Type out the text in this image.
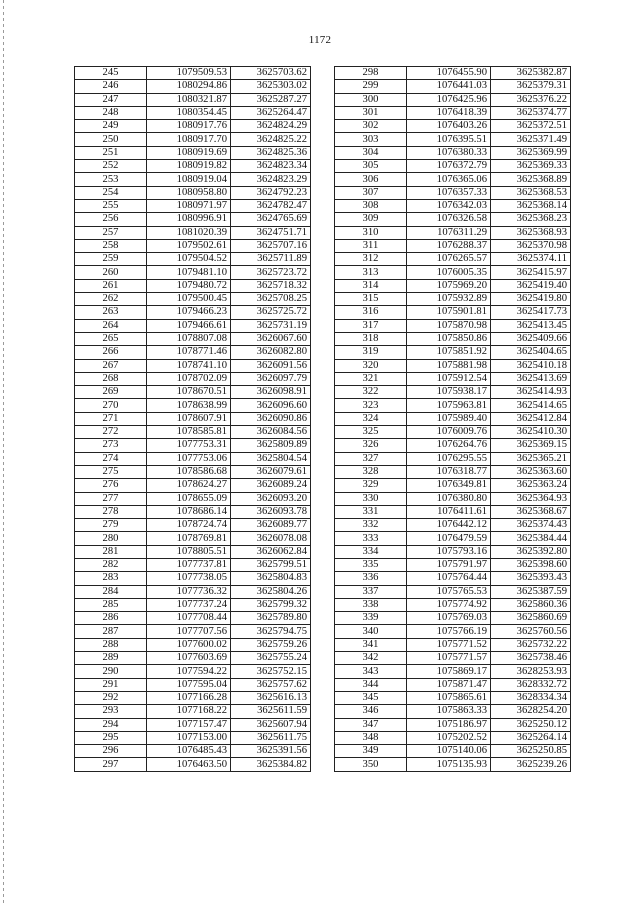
1172
245	1079509.53	3625703.62
246	1080294.86	3625303.02
247	1080321.87	3625287.27
248	1080354.45	3625264.47
249	1080917.76	3624824.29
250	1080917.70	3624825.22
251	1080919.69	3624825.36
252	1080919.82	3624823.34
253	1080919.04	3624823.29
254	1080958.80	3624792.23
255	1080971.97	3624782.47
256	1080996.91	3624765.69
257	1081020.39	3624751.71
258	1079502.61	3625707.16
259	1079504.52	3625711.89
260	1079481.10	3625723.72
261	1079480.72	3625718.32
262	1079500.45	3625708.25
263	1079466.23	3625725.72
264	1079466.61	3625731.19
265	1078807.08	3626067.60
266	1078771.46	3626082.80
267	1078741.10	3626091.56
268	1078702.09	3626097.79
269	1078670.51	3626098.91
270	1078638.99	3626096.60
271	1078607.91	3626090.86
272	1078585.81	3626084.56
273	1077753.31	3625809.89
274	1077753.06	3625804.54
275	1078586.68	3626079.61
276	1078624.27	3626089.24
277	1078655.09	3626093.20
278	1078686.14	3626093.78
279	1078724.74	3626089.77
280	1078769.81	3626078.08
281	1078805.51	3626062.84
282	1077737.81	3625799.51
283	1077738.05	3625804.83
284	1077736.32	3625804.26
285	1077737.24	3625799.32
286	1077708.44	3625789.80
287	1077707.56	3625794.75
288	1077600.02	3625759.26
289	1077603.69	3625755.24
290	1077594.22	3625752.15
291	1077595.04	3625757.62
292	1077166.28	3625616.13
293	1077168.22	3625611.59
294	1077157.47	3625607.94
295	1077153.00	3625611.75
296	1076485.43	3625391.56
297	1076463.50	3625384.82
298	1076455.90	3625382.87
299	1076441.03	3625379.31
300	1076425.96	3625376.22
301	1076418.39	3625374.77
302	1076403.26	3625372.51
303	1076395.51	3625371.49
304	1076380.33	3625369.99
305	1076372.79	3625369.33
306	1076365.06	3625368.89
307	1076357.33	3625368.53
308	1076342.03	3625368.14
309	1076326.58	3625368.23
310	1076311.29	3625368.93
311	1076288.37	3625370.98
312	1076265.57	3625374.11
313	1076005.35	3625415.97
314	1075969.20	3625419.40
315	1075932.89	3625419.80
316	1075901.81	3625417.73
317	1075870.98	3625413.45
318	1075850.86	3625409.66
319	1075851.92	3625404.65
320	1075881.98	3625410.18
321	1075912.54	3625413.69
322	1075938.17	3625414.93
323	1075963.81	3625414.65
324	1075989.40	3625412.84
325	1076009.76	3625410.30
326	1076264.76	3625369.15
327	1076295.55	3625365.21
328	1076318.77	3625363.60
329	1076349.81	3625363.24
330	1076380.80	3625364.93
331	1076411.61	3625368.67
332	1076442.12	3625374.43
333	1076479.59	3625384.44
334	1075793.16	3625392.80
335	1075791.97	3625398.60
336	1075764.44	3625393.43
337	1075765.53	3625387.59
338	1075774.92	3625860.36
339	1075769.03	3625860.69
340	1075766.19	3625760.56
341	1075771.52	3625732.22
342	1075771.57	3625738.46
343	1075869.17	3628253.93
344	1075871.47	3628332.72
345	1075865.61	3628334.34
346	1075863.33	3628254.20
347	1075186.97	3625250.12
348	1075202.52	3625264.14
349	1075140.06	3625250.85
350	1075135.93	3625239.26
